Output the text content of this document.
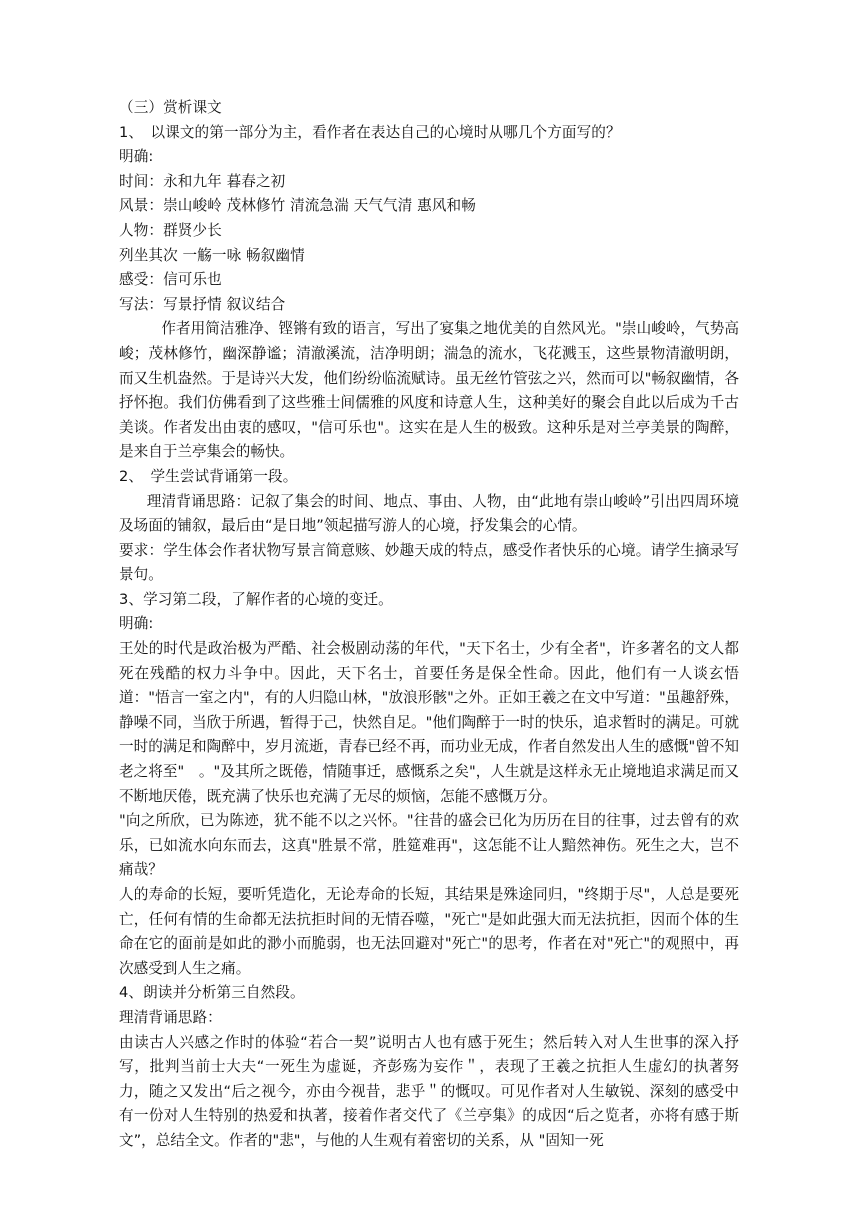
（三）赏析课文
1、　以课文的第一部分为主，看作者在表达自己的心境时从哪几个方面写的？
明确:
时间：永和九年 暮春之初
风景：崇山峻岭 茂林修竹 清流急湍 天气气清 惠风和畅
人物：群贤少长
列坐其次 一觞一咏 畅叙幽情
感受：信可乐也
写法：写景抒情 叙议结合
作者用简洁雅净、铿锵有致的语言，写出了宴集之地优美的自然风光。"崇山峻岭，气势高峻；茂林修竹，幽深静谧；清澈溪流，洁净明朗；湍急的流水，飞花溅玉，这些景物清澈明朗，而又生机盎然。于是诗兴大发，他们纷纷临流赋诗。虽无丝竹管弦之兴，然而可以"畅叙幽情，各抒怀抱。我们仿佛看到了这些雅士间儒雅的风度和诗意人生，这种美好的聚会自此以后成为千古美谈。作者发出由衷的感叹，"信可乐也"。这实在是人生的极致。这种乐是对兰亭美景的陶醉，是来自于兰亭集会的畅快。
2、　学生尝试背诵第一段。
理清背诵思路：记叙了集会的时间、地点、事由、人物，由“此地有崇山峻岭”引出四周环境及场面的铺叙，最后由“是日地”领起描写游人的心境，抒发集会的心情。
要求：学生体会作者状物写景言简意赅、妙趣天成的特点，感受作者快乐的心境。请学生摘录写景句。
3、学习第二段，了解作者的心境的变迁。
明确:
王处的时代是政治极为严酷、社会极剧动荡的年代，"天下名士，少有全者"，许多著名的文人都死在残酷的权力斗争中。因此，天下名士，首要任务是保全性命。因此，他们有一人谈玄悟道："悟言一室之内"，有的人归隐山林，"放浪形骸"之外。正如王羲之在文中写道："虽趣舒殊，静噪不同，当欣于所遇，暂得于己，快然自足。"他们陶醉于一时的快乐，追求暂时的满足。可就一时的满足和陶醉中，岁月流逝，青春已经不再，而功业无成，作者自然发出人生的感慨"曾不知老之将至"　。"及其所之既倦，情随事迁，感慨系之矣"，人生就是这样永无止境地追求满足而又不断地厌倦，既充满了快乐也充满了无尽的烦恼，怎能不感慨万分。
"向之所欣，已为陈迹，犹不能不以之兴怀。"往昔的盛会已化为历历在目的往事，过去曾有的欢乐，已如流水向东而去，这真"胜景不常，胜筵难再"，这怎能不让人黯然神伤。死生之大，岂不痛哉？
人的寿命的长短，要听凭造化，无论寿命的长短，其结果是殊途同归，"终期于尽"，人总是要死亡，任何有情的生命都无法抗拒时间的无情吞噬，"死亡"是如此强大而无法抗拒，因而个体的生命在它的面前是如此的渺小而脆弱，也无法回避对"死亡"的思考，作者在对"死亡"的观照中，再次感受到人生之痛。
4、朗读并分析第三自然段。
理清背诵思路：
由读古人兴感之作时的体验“若合一契”说明古人也有感于死生；然后转入对人生世事的深入抒写，批判当前士大夫“一死生为虚诞，齐彭殇为妄作＂，表现了王羲之抗拒人生虚幻的执著努力，随之又发出“后之视今，亦由今视昔，悲乎＂的慨叹。可见作者对人生敏锐、深刻的感受中有一份对人生特别的热爱和执著，接着作者交代了《兰亭集》的成因“后之览者，亦将有感于斯文”，总结全文。作者的"悲"，与他的人生观有着密切的关系，从 "固知一死
